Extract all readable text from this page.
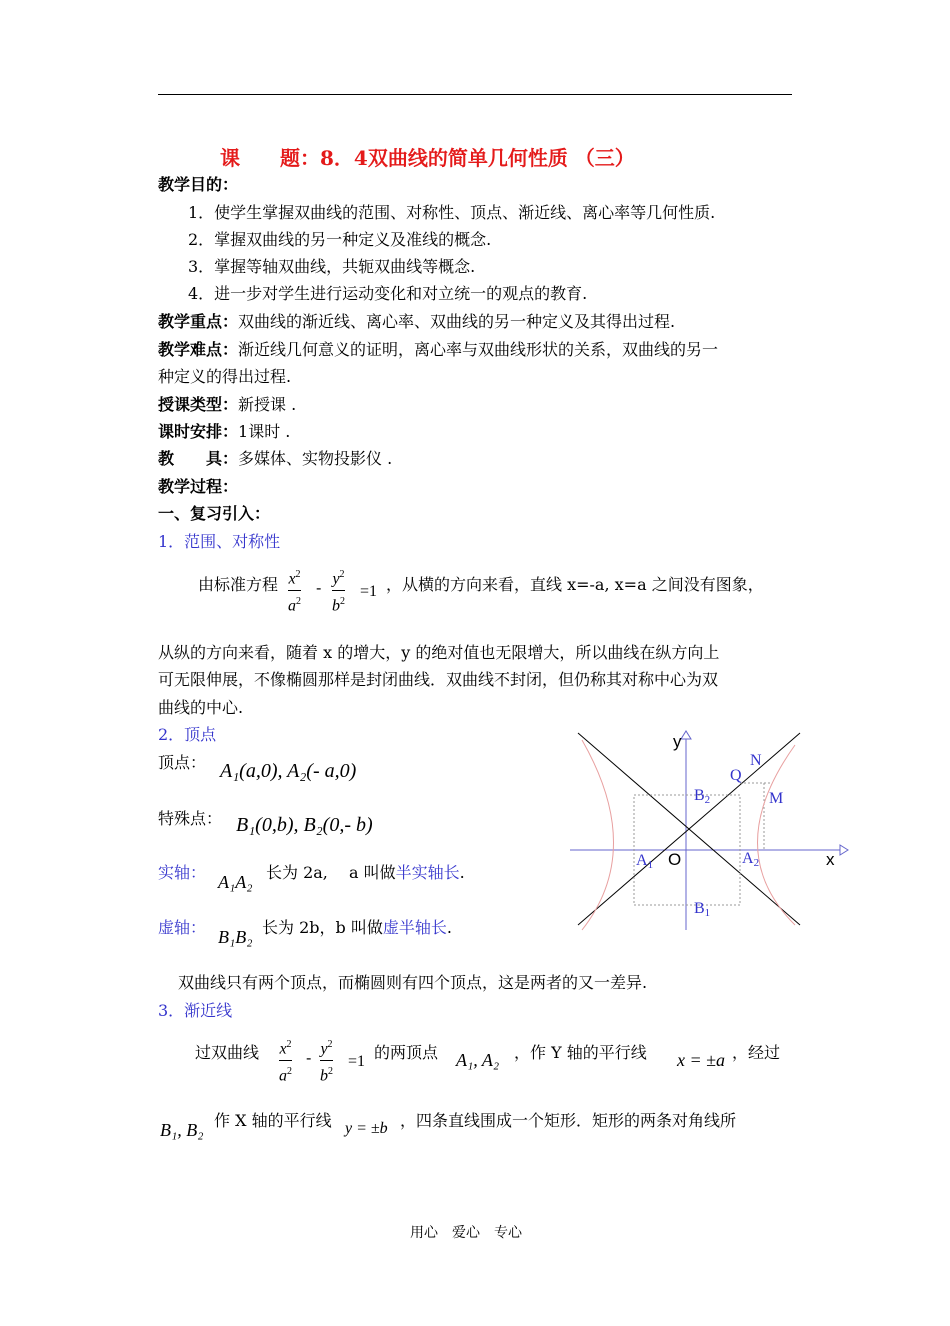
课　　题：8．4双曲线的简单几何性质 （三）
教学目的：
1．使学生掌握双曲线的范围、对称性、顶点、渐近线、离心率等几何性质.
2．掌握双曲线的另一种定义及准线的概念.
3．掌握等轴双曲线，共轭双曲线等概念.
4．进一步对学生进行运动变化和对立统一的观点的教育.
教学重点：双曲线的渐近线、离心率、双曲线的另一种定义及其得出过程.
教学难点：渐近线几何意义的证明，离心率与双曲线形状的关系，双曲线的另一
种定义的得出过程.
授课类型：新授课 .
课时安排：1课时 .
教　　具：多媒体、实物投影仪 .
教学过程：
一、复习引入：
1．范围、对称性
由标准方程 $x^2$
$a^2$
- $y^2$
$b^2$
=1 ，从横的方向来看，直线 x=-a, x=a 之间没有图象，
从纵的方向来看，随着 x 的增大，y 的绝对值也无限增大，所以曲线在纵方向上
可无限伸展，不像椭圆那样是封闭曲线．双曲线不封闭，但仍称其对称中心为双
曲线的中心.
2．顶点
顶点： A₁(a,0), A₂(- a,0)
特殊点： B₁(0,b), B₂(0,- b)
实轴： A₁A₂ 长为 2a,　 a 叫做半实轴长.
虚轴： B₁B₂ 长为 2b，b 叫做虚半轴长.
双曲线只有两个顶点，而椭圆则有四个顶点，这是两者的又一差异.
3．渐近线
过双曲线 $x^2$
$a^2$
- $y^2$
$b^2$
=1 的两顶点 A₁, A₂ ，作 Y 轴的平行线 x = ±a ，经过
B₁, B₂ 作 X 轴的平行线 y = ±b ，四条直线围成一个矩形．矩形的两条对角线所
y
x
O
A1	A2
B2
B1
Q
N
M
用心　爱心　专心
